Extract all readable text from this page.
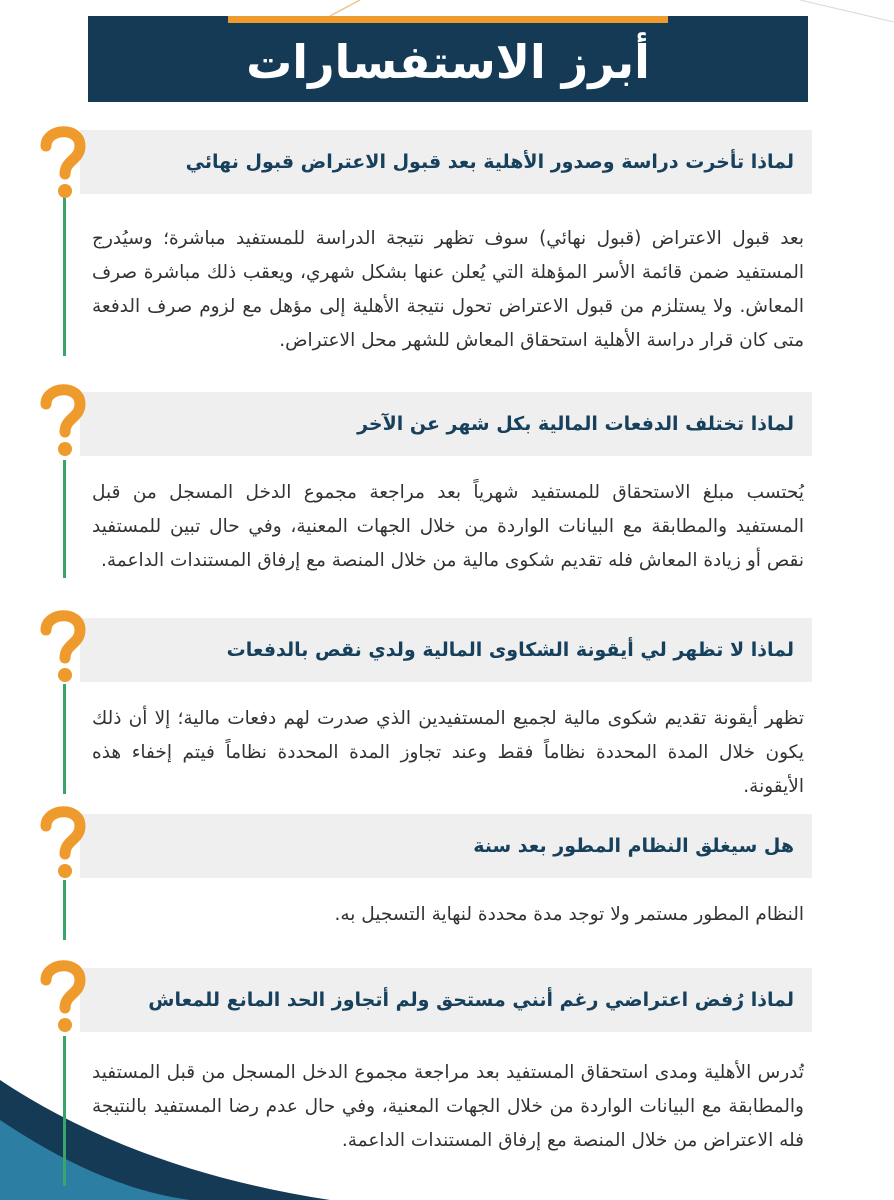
أبرز الاستفسارات
لماذا تأخرت دراسة وصدور الأهلية بعد قبول الاعتراض قبول نهائي
بعد قبول الاعتراض (قبول نهائي) سوف تظهر نتيجة الدراسة للمستفيد مباشرة؛ وسيُدرج المستفيد ضمن قائمة الأسر المؤهلة التي يُعلن عنها بشكل شهري، ويعقب ذلك مباشرة صرف المعاش. ولا يستلزم من قبول الاعتراض تحول نتيجة الأهلية إلى مؤهل مع لزوم صرف الدفعة متى كان قرار دراسة الأهلية استحقاق المعاش للشهر محل الاعتراض.
لماذا تختلف الدفعات المالية بكل شهر عن الآخر
يُحتسب مبلغ الاستحقاق للمستفيد شهرياً بعد مراجعة مجموع الدخل المسجل من قبل المستفيد والمطابقة مع البيانات الواردة من خلال الجهات المعنية، وفي حال تبين للمستفيد نقص أو زيادة المعاش فله تقديم شكوى مالية من خلال المنصة مع إرفاق المستندات الداعمة.
لماذا لا تظهر لي أيقونة الشكاوى المالية ولدي نقص بالدفعات
تظهر أيقونة تقديم شكوى مالية لجميع المستفيدين الذي صدرت لهم دفعات مالية؛ إلا أن ذلك يكون خلال المدة المحددة نظاماً فقط وعند تجاوز المدة المحددة نظاماً فيتم إخفاء هذه الأيقونة.
هل سيغلق النظام المطور بعد سنة
النظام المطور مستمر ولا توجد مدة محددة لنهاية التسجيل به.
لماذا رُفض اعتراضي رغم أنني مستحق ولم أتجاوز الحد المانع للمعاش
تُدرس الأهلية ومدى استحقاق المستفيد بعد مراجعة مجموع الدخل المسجل من قبل المستفيد والمطابقة مع البيانات الواردة من خلال الجهات المعنية، وفي حال عدم رضا المستفيد بالنتيجة فله الاعتراض من خلال المنصة مع إرفاق المستندات الداعمة.
